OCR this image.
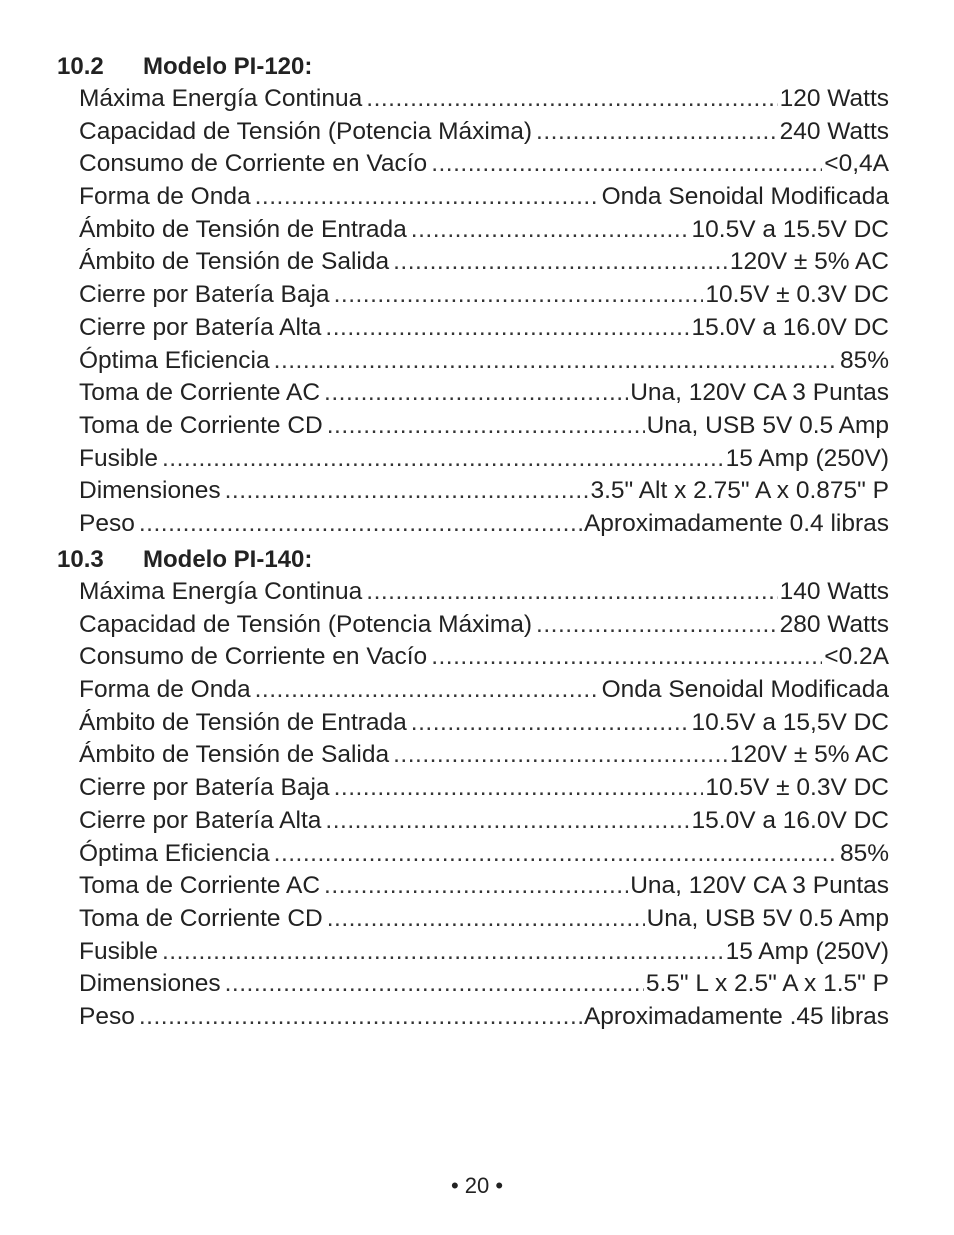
10.2 Modelo PI-120:
Máxima Energía Continua .....	120 Watts
Capacidad de Tensión (Potencia Máxima) .....	240 Watts
Consumo de Corriente en Vacío .....	<0,4A
Forma de Onda .....	Onda Senoidal Modificada
Ámbito de Tensión de Entrada .....	10.5V a 15.5V DC
Ámbito de Tensión de Salida .....	120V ± 5% AC
Cierre por Batería Baja .....	10.5V ± 0.3V DC
Cierre por Batería Alta .....	15.0V a 16.0V DC
Óptima Eficiencia .....	85%
Toma de Corriente AC .....	Una, 120V CA 3 Puntas
Toma de Corriente CD .....	Una, USB 5V 0.5 Amp
Fusible .....	15 Amp (250V)
Dimensiones .....	3.5" Alt x 2.75" A x 0.875" P
Peso .....	Aproximadamente 0.4 libras
10.3 Modelo PI-140:
Máxima Energía Continua .....	140 Watts
Capacidad de Tensión (Potencia Máxima) .....	280 Watts
Consumo de Corriente en Vacío .....	<0.2A
Forma de Onda .....	Onda Senoidal Modificada
Ámbito de Tensión de Entrada .....	10.5V a 15,5V DC
Ámbito de Tensión de Salida .....	120V ± 5% AC
Cierre por Batería Baja .....	10.5V ± 0.3V DC
Cierre por Batería Alta .....	15.0V a 16.0V DC
Óptima Eficiencia .....	85%
Toma de Corriente AC .....	Una, 120V CA 3 Puntas
Toma de Corriente CD .....	Una, USB 5V 0.5 Amp
Fusible .....	15 Amp (250V)
Dimensiones .....	5.5" L x 2.5" A x 1.5" P
Peso .....	Aproximadamente .45 libras
• 20 •
